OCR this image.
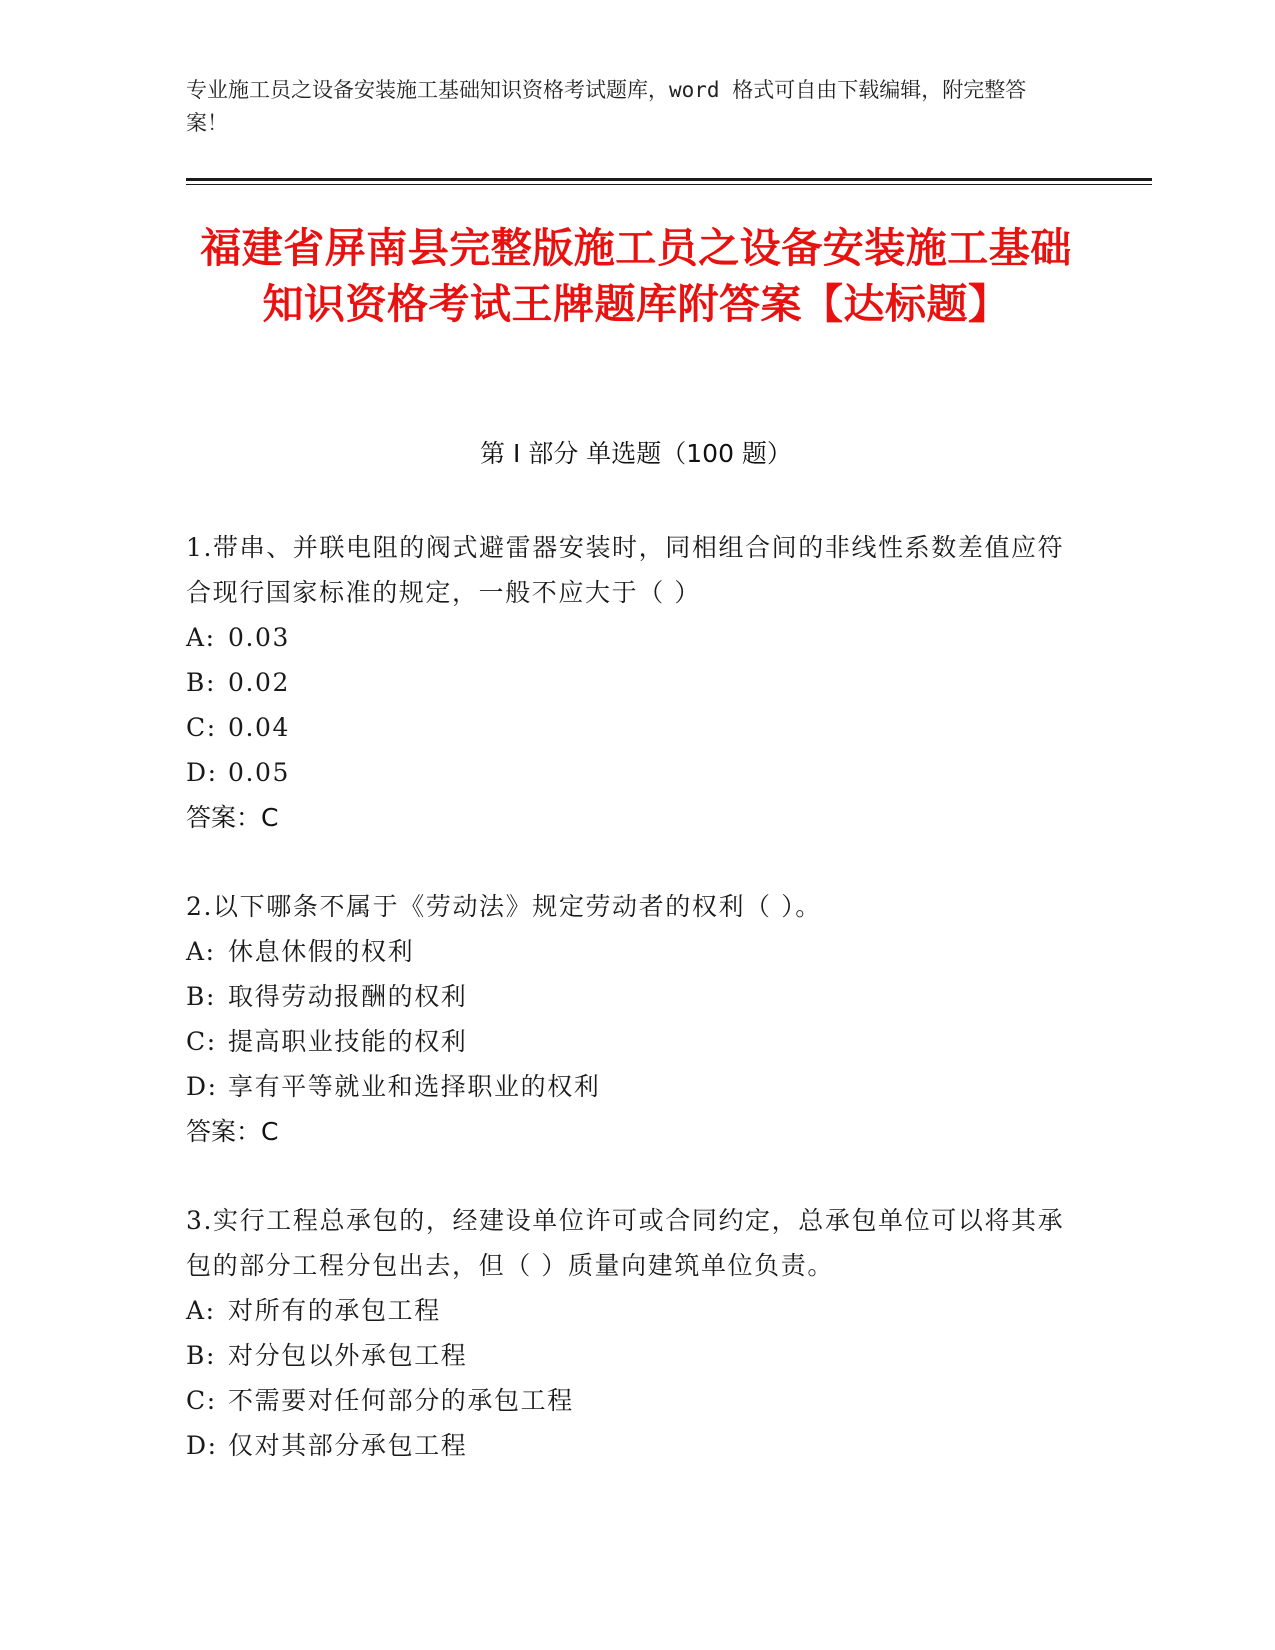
专业施工员之设备安装施工基础知识资格考试题库，word 格式可自由下载编辑，附完整答案！
福建省屏南县完整版施工员之设备安装施工基础知识资格考试王牌题库附答案【达标题】
第 I 部分 单选题（100 题）
1.带串、并联电阻的阀式避雷器安装时，同相组合间的非线性系数差值应符合现行国家标准的规定，一般不应大于（ ）
A: 0.03
B: 0.02
C: 0.04
D: 0.05
答案：C
2.以下哪条不属于《劳动法》规定劳动者的权利（ ）。
A: 休息休假的权利
B: 取得劳动报酬的权利
C: 提高职业技能的权利
D: 享有平等就业和选择职业的权利
答案：C
3.实行工程总承包的，经建设单位许可或合同约定，总承包单位可以将其承包的部分工程分包出去，但（ ）质量向建筑单位负责。
A: 对所有的承包工程
B: 对分包以外承包工程
C: 不需要对任何部分的承包工程
D: 仅对其部分承包工程
